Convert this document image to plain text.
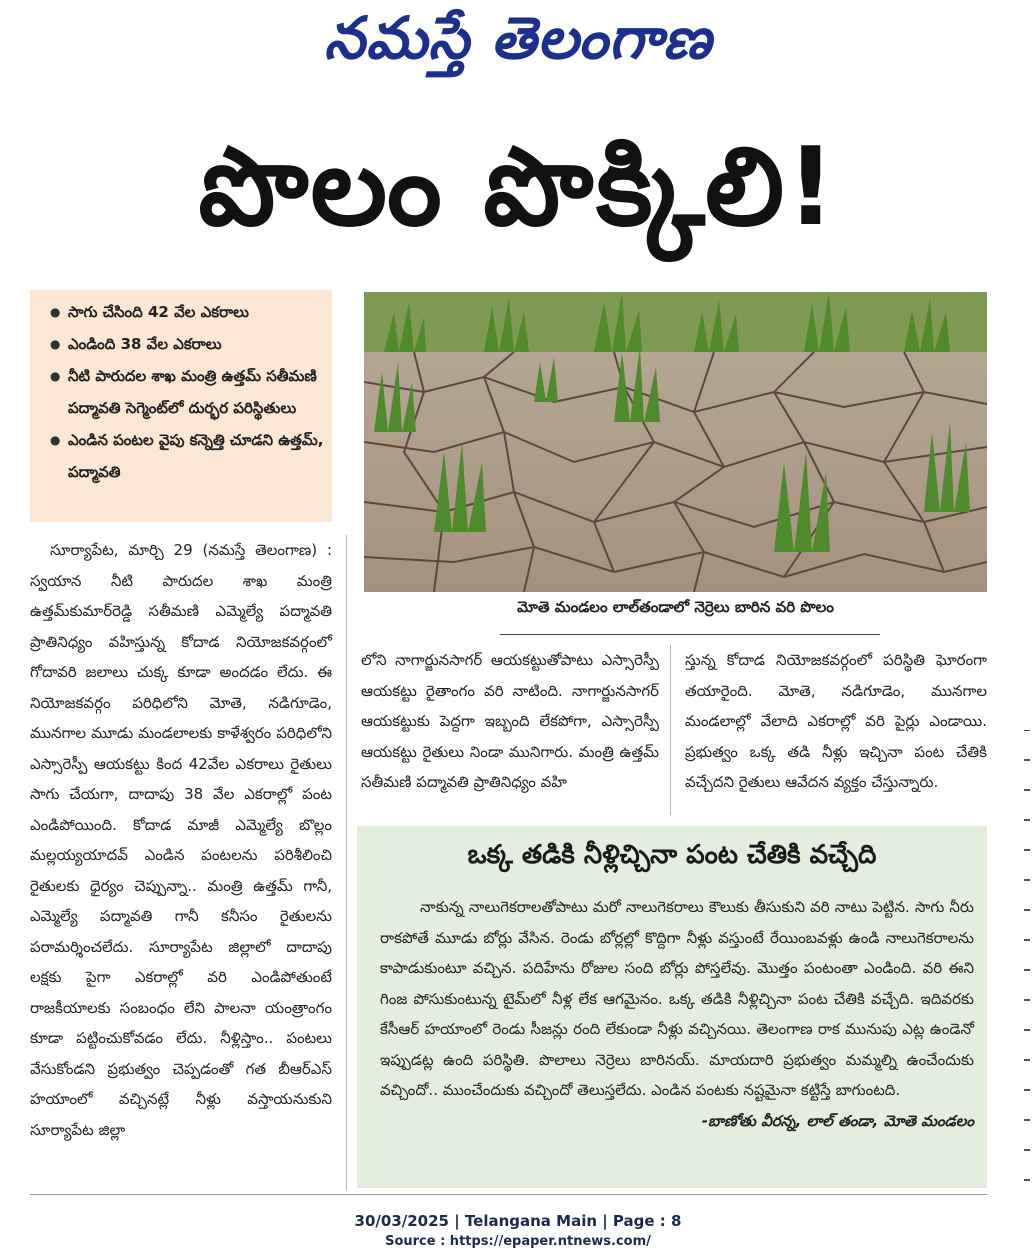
నమస్తే తెలంగాణ
పొలం పొక్కిలి!
● సాగు చేసింది 42 వేల ఎకరాలు
● ఎండింది 38 వేల ఎకరాలు
● నీటి పారుదల శాఖ మంత్రి ఉత్తమ్ సతీమణి పద్మావతి సెగ్మెంట్‌లో దుర్భర పరిస్థితులు
● ఎండిన పంటల వైపు కన్నెత్తి చూడని ఉత్తమ్, పద్మావతి
మోతె మండలం లాల్‌తండాలో నెర్రెలు బారిన వరి పొలం
సూర్యాపేట, మార్చి 29 (నమస్తే తెలంగాణ) : స్వయాన నీటి పారుదల శాఖ మంత్రి ఉత్తమ్‌కుమార్‌రెడ్డి సతీమణి ఎమ్మెల్యే పద్మావతి ప్రాతినిధ్యం వహిస్తున్న కోదాడ నియోజకవర్గంలో గోదావరి జలాలు చుక్క కూడా అందడం లేదు. ఈ నియోజకవర్గం పరిధిలోని మోతె, నడిగూడెం, మునగాల మూడు మండలాలకు కాళేశ్వరం పరిధిలోని ఎస్సారెస్పీ ఆయకట్టు కింద 42వేల ఎకరాలు రైతులు సాగు చేయగా, దాదాపు 38 వేల ఎకరాల్లో పంట ఎండిపోయింది. కోదాడ మాజీ ఎమ్మెల్యే బొల్లం మల్లయ్యయాదవ్ ఎండిన పంటలను పరిశీలించి రైతులకు ధైర్యం చెప్పున్నా.. మంత్రి ఉత్తమ్ గానీ, ఎమ్మెల్యే పద్మావతి గానీ కనీసం రైతులను పరామర్శించలేదు. సూర్యాపేట జిల్లాలో దాదాపు లక్షకు పైగా ఎకరాల్లో వరి ఎండిపోతుంటే రాజకీయాలకు సంబంధం లేని పాలనా యంత్రాంగం కూడా పట్టించుకోవడం లేదు. నీళ్లిస్తాం.. పంటలు వేసుకోండని ప్రభుత్వం చెప్పడంతో గత బీఆర్‌ఎస్ హయాంలో వచ్చినట్లే నీళ్లు వస్తాయనుకుని సూర్యాపేట జిల్లా
లోని నాగార్జునసాగర్ ఆయకట్టుతోపాటు ఎస్సారెస్పీ ఆయకట్టు రైతాంగం వరి నాటింది. నాగార్జునసాగర్ ఆయకట్టుకు పెద్దగా ఇబ్బంది లేకపోగా, ఎస్సారెస్పీ ఆయకట్టు రైతులు నిండా మునిగారు. మంత్రి ఉత్తమ్ సతీమణి పద్మావతి ప్రాతినిధ్యం వహి
స్తున్న కోదాడ నియోజకవర్గంలో పరిస్థితి ఘోరంగా తయారైంది. మోతె, నడిగూడెం, మునగాల మండలాల్లో వేలాది ఎకరాల్లో వరి పైర్లు ఎండాయి. ప్రభుత్వం ఒక్క తడి నీళ్లు ఇచ్చినా పంట చేతికి వచ్చేదని రైతులు ఆవేదన వ్యక్తం చేస్తున్నారు.
ఒక్క తడికి నీళ్లిచ్చినా పంట చేతికి వచ్చేది
నాకున్న నాలుగెకరాలతోపాటు మరో నాలుగెకరాలు కౌలుకు తీసుకుని వరి నాటు పెట్టిన. సాగు నీరు రాకపోతే మూడు బోర్లు వేసిన. రెండు బోర్లల్లో కొద్దిగా నీళ్లు వస్తుంటే రేయింబవళ్లు ఉండి నాలుగెకరాలను కాపాడుకుంటూ వచ్చిన. పదిహేను రోజుల సంది బోర్లు పోస్తలేవు. మొత్తం పంటంతా ఎండింది. వరి ఈని గింజ పోసుకుంటున్న టైమ్‌లో నీళ్ల లేక ఆగమైనం. ఒక్క తడికి నీళ్లిచ్చినా పంట చేతికి వచ్చేది. ఇదివరకు కేసీఆర్ హయాంలో రెండు సీజన్లు రంది లేకుండా నీళ్లు వచ్చినయి. తెలంగాణ రాక మునుపు ఎట్ల ఉండెనో ఇప్పుడట్ల ఉంది పరిస్థితి. పొలాలు నెర్రెలు బారినయ్. మాయదారి ప్రభుత్వం మమ్మల్ని ఉంచేందుకు వచ్చిందో.. ముంచేందుకు వచ్చిందో తెలుస్తలేదు. ఎండిన పంటకు నష్టమైనా కట్టిస్తే బాగుంటది.
-బాణోతు వీరన్న, లాల్ తండా, మోతె మండలం
30/03/2025 | Telangana Main | Page : 8
Source : https://epaper.ntnews.com/
